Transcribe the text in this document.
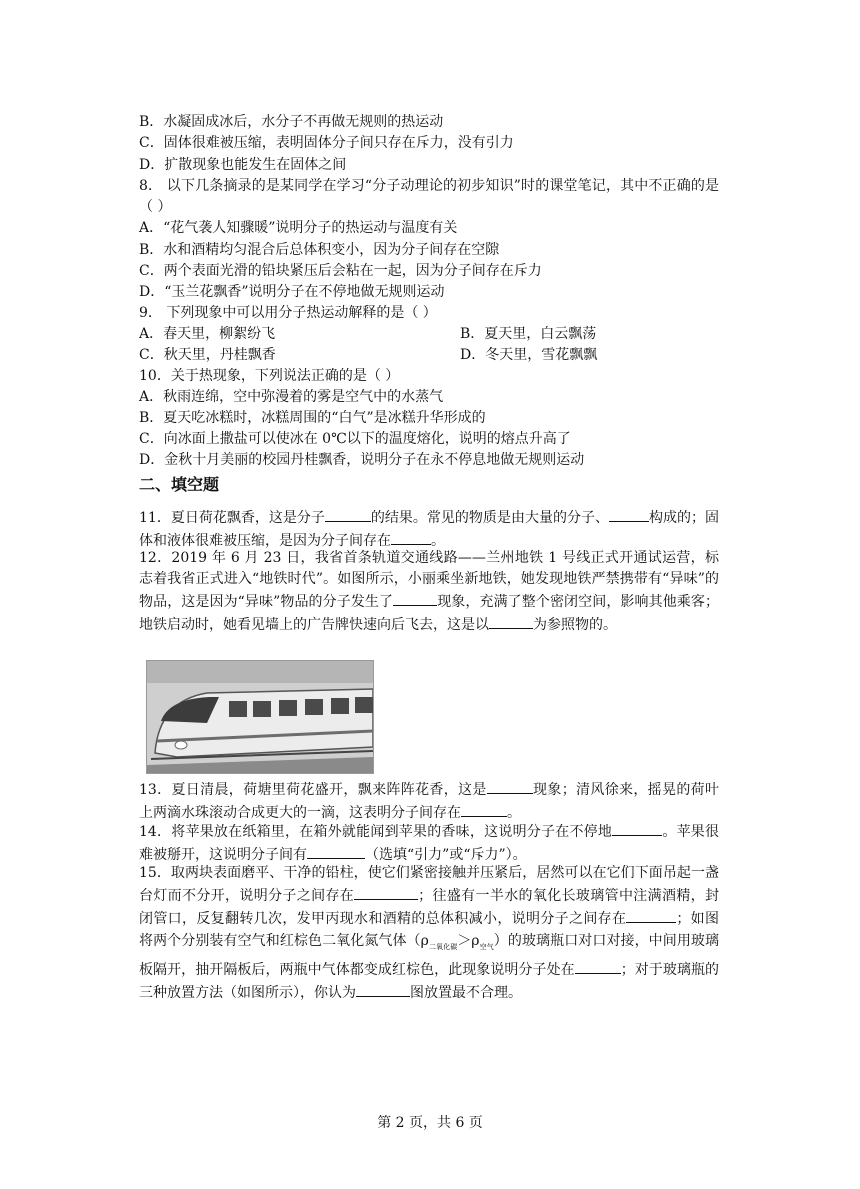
B．水凝固成冰后，水分子不再做无规则的热运动
C．固体很难被压缩，表明固体分子间只存在斥力，没有引力
D．扩散现象也能发生在固体之间
8． 以下几条摘录的是某同学在学习“分子动理论的初步知识”时的课堂笔记，其中不正确的是（ ）
A．“花气袭人知骤暖”说明分子的热运动与温度有关
B．水和酒精均匀混合后总体积变小，因为分子间存在空隙
C．两个表面光滑的铅块紧压后会粘在一起，因为分子间存在斥力
D．“玉兰花飘香”说明分子在不停地做无规则运动
9． 下列现象中可以用分子热运动解释的是（ ）
A．春天里，柳絮纷飞	B．夏天里，白云飘荡
C．秋天里，丹桂飘香	D．冬天里，雪花飘飘
10．关于热现象，下列说法正确的是（ ）
A．秋雨连绵，空中弥漫着的雾是空气中的水蒸气
B．夏天吃冰糕时，冰糕周围的“白气”是冰糕升华形成的
C．向冰面上撒盐可以使冰在 0℃以下的温度熔化，说明的熔点升高了
D．金秋十月美丽的校园丹桂飘香，说明分子在永不停息地做无规则运动
二、填空题
11．夏日荷花飘香，这是分子	的结果。常见的物质是由大量的分子、	构成的；固体和液体很难被压缩，是因为分子间存在	。
12．2019 年 6 月 23 日，我省首条轨道交通线路——兰州地铁 1 号线正式开通试运营，标志着我省正式进入“地铁时代”。如图所示，小丽乘坐新地铁，她发现地铁严禁携带有“异味”的物品，这是因为“异味”物品的分子发生了	现象，充满了整个密闭空间，影响其他乘客；地铁启动时，她看见墙上的广告牌快速向后飞去，这是以	为参照物的。
13．夏日清晨，荷塘里荷花盛开，飘来阵阵花香，这是	现象；清风徐来，摇晃的荷叶上两滴水珠滚动合成更大的一滴，这表明分子间存在	。
14．将苹果放在纸箱里，在箱外就能闻到苹果的香味，这说明分子在不停地	。苹果很难被掰开，这说明分子间有	（选填“引力”或“斥力”）。
15．取两块表面磨平、干净的铅柱，使它们紧密接触并压紧后，居然可以在它们下面吊起一盏台灯而不分开，说明分子之间存在	；往盛有一半水的氧化长玻璃管中注满酒精，封闭管口，反复翻转几次，发甲丙现水和酒精的总体积减小，说明分子之间存在	；如图将两个分别装有空气和红棕色二氧化氮气体$(\rho_{二氧化碳}>\rho_{空气})$的玻璃瓶口对口对接，中间用玻璃板隔开，抽开隔板后，两瓶中气体都变成红棕色，此现象说明分子处在	；对于玻璃瓶的三种放置方法（如图所示），你认为	图放置最不合理。
第 2 页，共 6 页
